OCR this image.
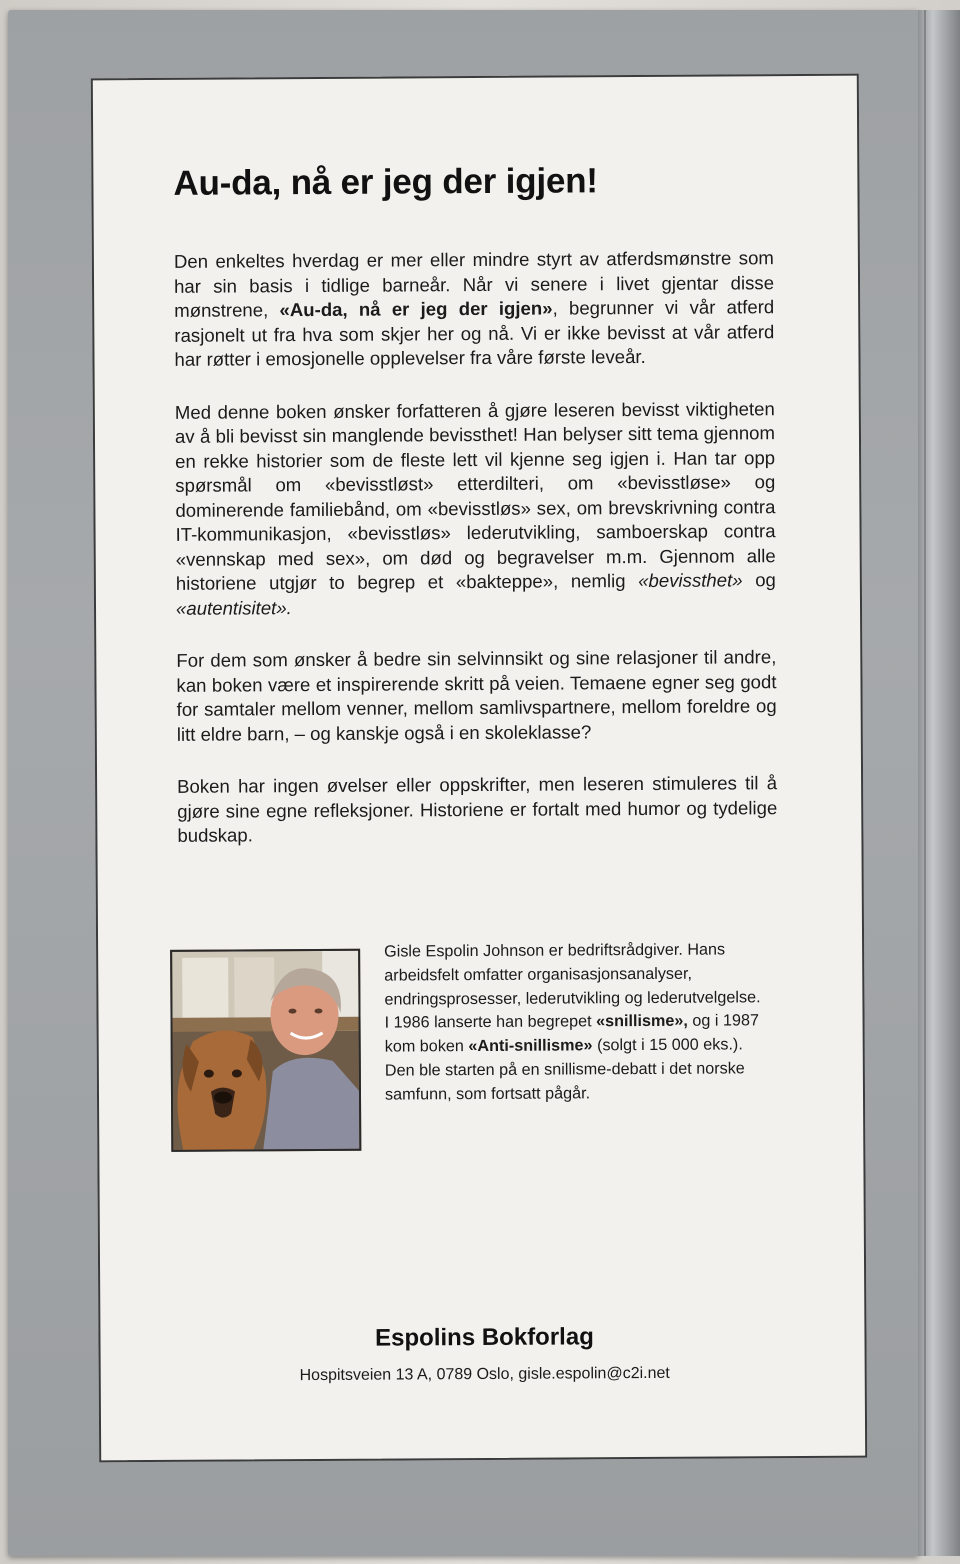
Au-da, nå er jeg der igjen!

Den enkeltes hverdag er mer eller mindre styrt av atferdsmønstre som har sin basis i tidlige barneår. Når vi senere i livet gjentar disse mønstrene, «Au-da, nå er jeg der igjen», begrunner vi vår atferd rasjonelt ut fra hva som skjer her og nå. Vi er ikke bevisst at vår atferd har røtter i emosjonelle opplevelser fra våre første leveår.

Med denne boken ønsker forfatteren å gjøre leseren bevisst viktigheten av å bli bevisst sin manglende bevissthet! Han belyser sitt tema gjennom en rekke historier som de fleste lett vil kjenne seg igjen i. Han tar opp spørsmål om «bevisstløst» etterdilteri, om «bevisstløse» og dominerende familiebånd, om «bevisstløs» sex, om brevskrivning contra IT-kommunikasjon, «bevisstløs» lederutvikling, samboerskap contra «vennskap med sex», om død og begravelser m.m. Gjennom alle historiene utgjør to begrep et «bakteppe», nemlig «bevissthet» og «autentisitet».

For dem som ønsker å bedre sin selvinnsikt og sine relasjoner til andre, kan boken være et inspirerende skritt på veien. Temaene egner seg godt for samtaler mellom venner, mellom samlivspartnere, mellom foreldre og litt eldre barn, – og kanskje også i en skoleklasse?

Boken har ingen øvelser eller oppskrifter, men leseren stimuleres til å gjøre sine egne refleksjoner. Historiene er fortalt med humor og tydelige budskap.

Gisle Espolin Johnson er bedriftsrådgiver. Hans arbeidsfelt omfatter organisasjonsanalyser, endringsprosesser, lederutvikling og lederutvelgelse. I 1986 lanserte han begrepet «snillisme», og i 1987 kom boken «Anti-snillisme» (solgt i 15 000 eks.). Den ble starten på en snillisme-debatt i det norske samfunn, som fortsatt pågår.
Espolins Bokforlag
Hospitsveien 13 A, 0789 Oslo, gisle.espolin@c2i.net
